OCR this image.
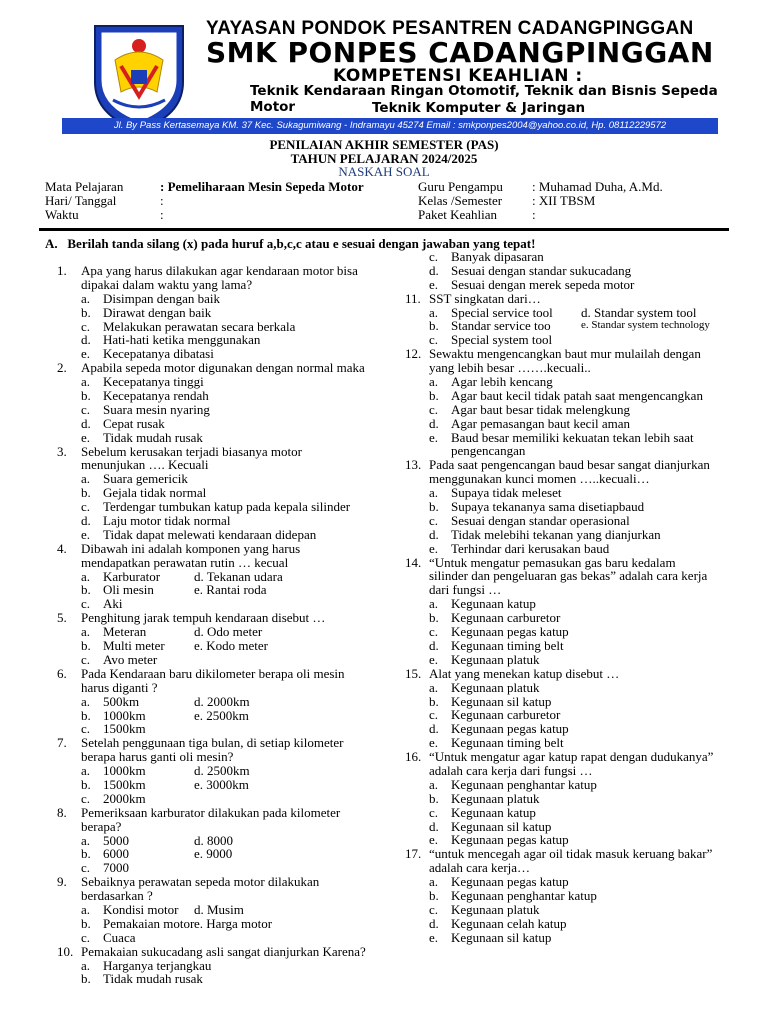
YAYASAN PONDOK PESANTREN CADANGPINGGAN
SMK PONPES CADANGPINGGAN
KOMPETENSI KEAHLIAN :
Teknik Kendaraan Ringan Otomotif, Teknik dan Bisnis Sepeda Motor	Teknik Komputer & Jaringan
Jl. By Pass Kertasemaya KM. 37 Kec. Sukagumiwang - Indramayu 45274 Email : smkponpes2004@yahoo.co.id, Hp. 08112229572
PENILAIAN AKHIR SEMESTER (PAS)
TAHUN PELAJARAN 2024/2025
NASKAH SOAL
Mata Pelajaran	: Pemeliharaan Mesin Sepeda Motor
Hari/ Tanggal	:
Waktu	:
Guru Pengampu : Muhamad Duha, A.Md.
Kelas /Semester : XII TBSM
Paket Keahlian	:
A. Berilah tanda silang (x) pada huruf a,b,c,c atau e sesuai dengan jawaban yang tepat!
1. Apa yang harus dilakukan agar kendaraan motor bisa
dipakai dalam waktu yang lama?
a. Disimpan dengan baik
b. Dirawat dengan baik
c. Melakukan perawatan secara berkala
d. Hati-hati ketika menggunakan
e. Kecepatanya dibatasi
2. Apabila sepeda motor digunakan dengan normal maka
a. Kecepatanya tinggi
b. Kecepatanya rendah
c. Suara mesin nyaring
d. Cepat rusak
e. Tidak mudah rusak
3. Sebelum kerusakan terjadi biasanya motor
menunjukan …. Kecuali
a. Suara gemericik
b. Gejala tidak normal
c. Terdengar tumbukan katup pada kepala silinder
d. Laju motor tidak normal
e. Tidak dapat melewati kendaraan didepan
4. Dibawah ini adalah komponen yang harus
mendapatkan perawatan rutin … kecual
a. Karburator	d. Tekanan udara
b. Oli mesin	e. Rantai roda
c. Aki
5. Penghitung jarak tempuh kendaraan disebut …
a. Meteran	d. Odo meter
b. Multi meter e. Kodo meter
c. Avo meter
6. Pada Kendaraan baru dikilometer berapa oli mesin
harus diganti ?
a. 500km	d. 2000km
b. 1000km	e. 2500km
c. 1500km
7. Setelah penggunaan tiga bulan, di setiap kilometer
berapa harus ganti oli mesin?
a. 1000km	d. 2500km
b. 1500km	e. 3000km
c. 2000km
8. Pemeriksaan karburator dilakukan pada kilometer
berapa?
a. 5000	d. 8000
b. 6000	e. 9000
c. 7000
9. Sebaiknya perawatan sepeda motor dilakukan
berdasarkan ?
a. Kondisi motor d. Musim
b. Pemakaian motor e. Harga motor
c. Cuaca
10. Pemakaian sukucadang asli sangat dianjurkan Karena?
a. Harganya terjangkau
b. Tidak mudah rusak
c. Banyak dipasaran
d. Sesuai dengan standar sukucadang
e. Sesuai dengan merek sepeda motor
11. SST singkatan dari…
a. Special service tool d. Standar system tool
b. Standar service too	e. Standar system technology
c. Special system tool
12. Sewaktu mengencangkan baut mur mulailah dengan
yang lebih besar …….kecuali..
a. Agar lebih kencang
b. Agar baut kecil tidak patah saat mengencangkan
c. Agar baut besar tidak melengkung
d. Agar pemasangan baut kecil aman
e. Baud besar memiliki kekuatan tekan lebih saat
pengencangan
13. Pada saat pengencangan baud besar sangat dianjurkan
menggunakan kunci momen …..kecuali…
a. Supaya tidak meleset
b. Supaya tekananya sama disetiapbaud
c. Sesuai dengan standar operasional
d. Tidak melebihi tekanan yang dianjurkan
e. Terhindar dari kerusakan baud
14. “Untuk mengatur pemasukan gas baru kedalam
silinder dan pengeluaran gas bekas” adalah cara kerja
dari fungsi …
a. Kegunaan katup
b. Kegunaan carburetor
c. Kegunaan pegas katup
d. Kegunaan timing belt
e. Kegunaan platuk
15. Alat yang menekan katup disebut …
a. Kegunaan platuk
b. Kegunaan sil katup
c. Kegunaan carburetor
d. Kegunaan pegas katup
e. Kegunaan timing belt
16. “Untuk mengatur agar katup rapat dengan dudukanya”
adalah cara kerja dari fungsi …
a. Kegunaan penghantar katup
b. Kegunaan platuk
c. Kegunaan katup
d. Kegunaan sil katup
e. Kegunaan pegas katup
17. “untuk mencegah agar oil tidak masuk keruang bakar”
adalah cara kerja…
a. Kegunaan pegas katup
b. Kegunaan penghantar katup
c. Kegunaan platuk
d. Kegunaan celah katup
e. Kegunaan sil katup
